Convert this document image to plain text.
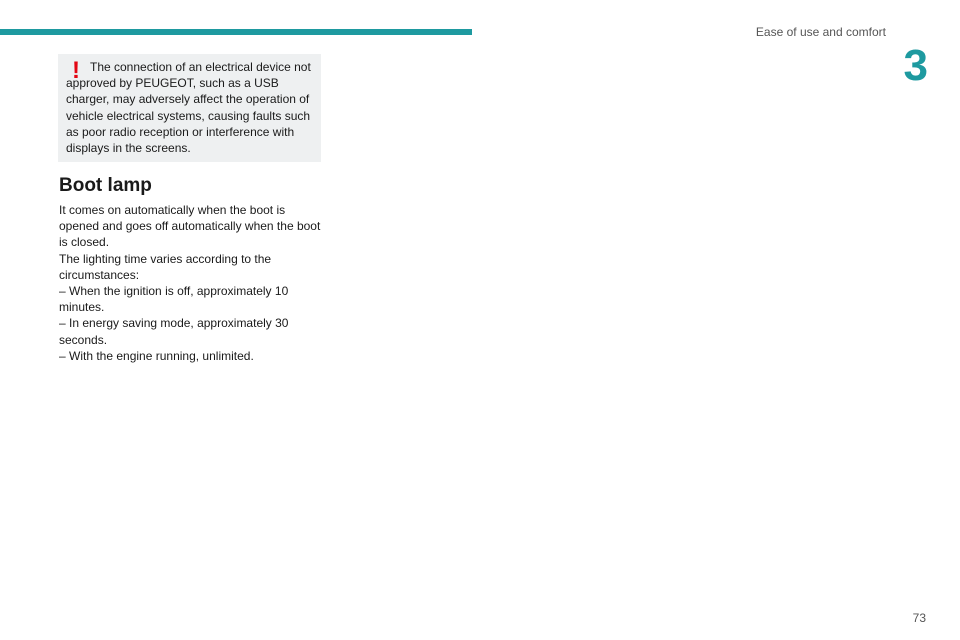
Ease of use and comfort
3
! The connection of an electrical device not approved by PEUGEOT, such as a USB charger, may adversely affect the operation of vehicle electrical systems, causing faults such as poor radio reception or interference with displays in the screens.

Boot lamp

It comes on automatically when the boot is opened and goes off automatically when the boot is closed.

The lighting time varies according to the circumstances:

– When the ignition is off, approximately 10 minutes.

– In energy saving mode, approximately 30 seconds.

– With the engine running, unlimited.

73
